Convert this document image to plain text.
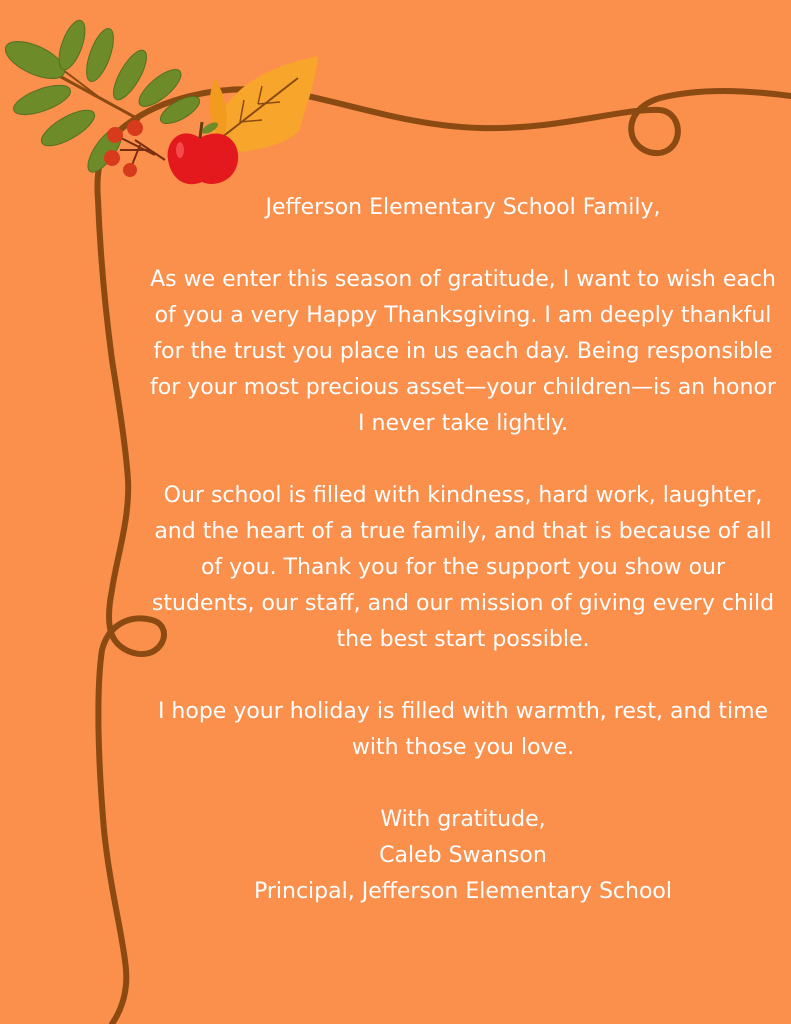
Jefferson Elementary School Family,

As we enter this season of gratitude, I want to wish each of you a very Happy Thanksgiving. I am deeply thankful for the trust you place in us each day. Being responsible for your most precious asset—your children—is an honor I never take lightly.

Our school is filled with kindness, hard work, laughter, and the heart of a true family, and that is because of all of you. Thank you for the support you show our students, our staff, and our mission of giving every child the best start possible.

I hope your holiday is filled with warmth, rest, and time with those you love.

With gratitude,

Caleb Swanson

Principal, Jefferson Elementary School
